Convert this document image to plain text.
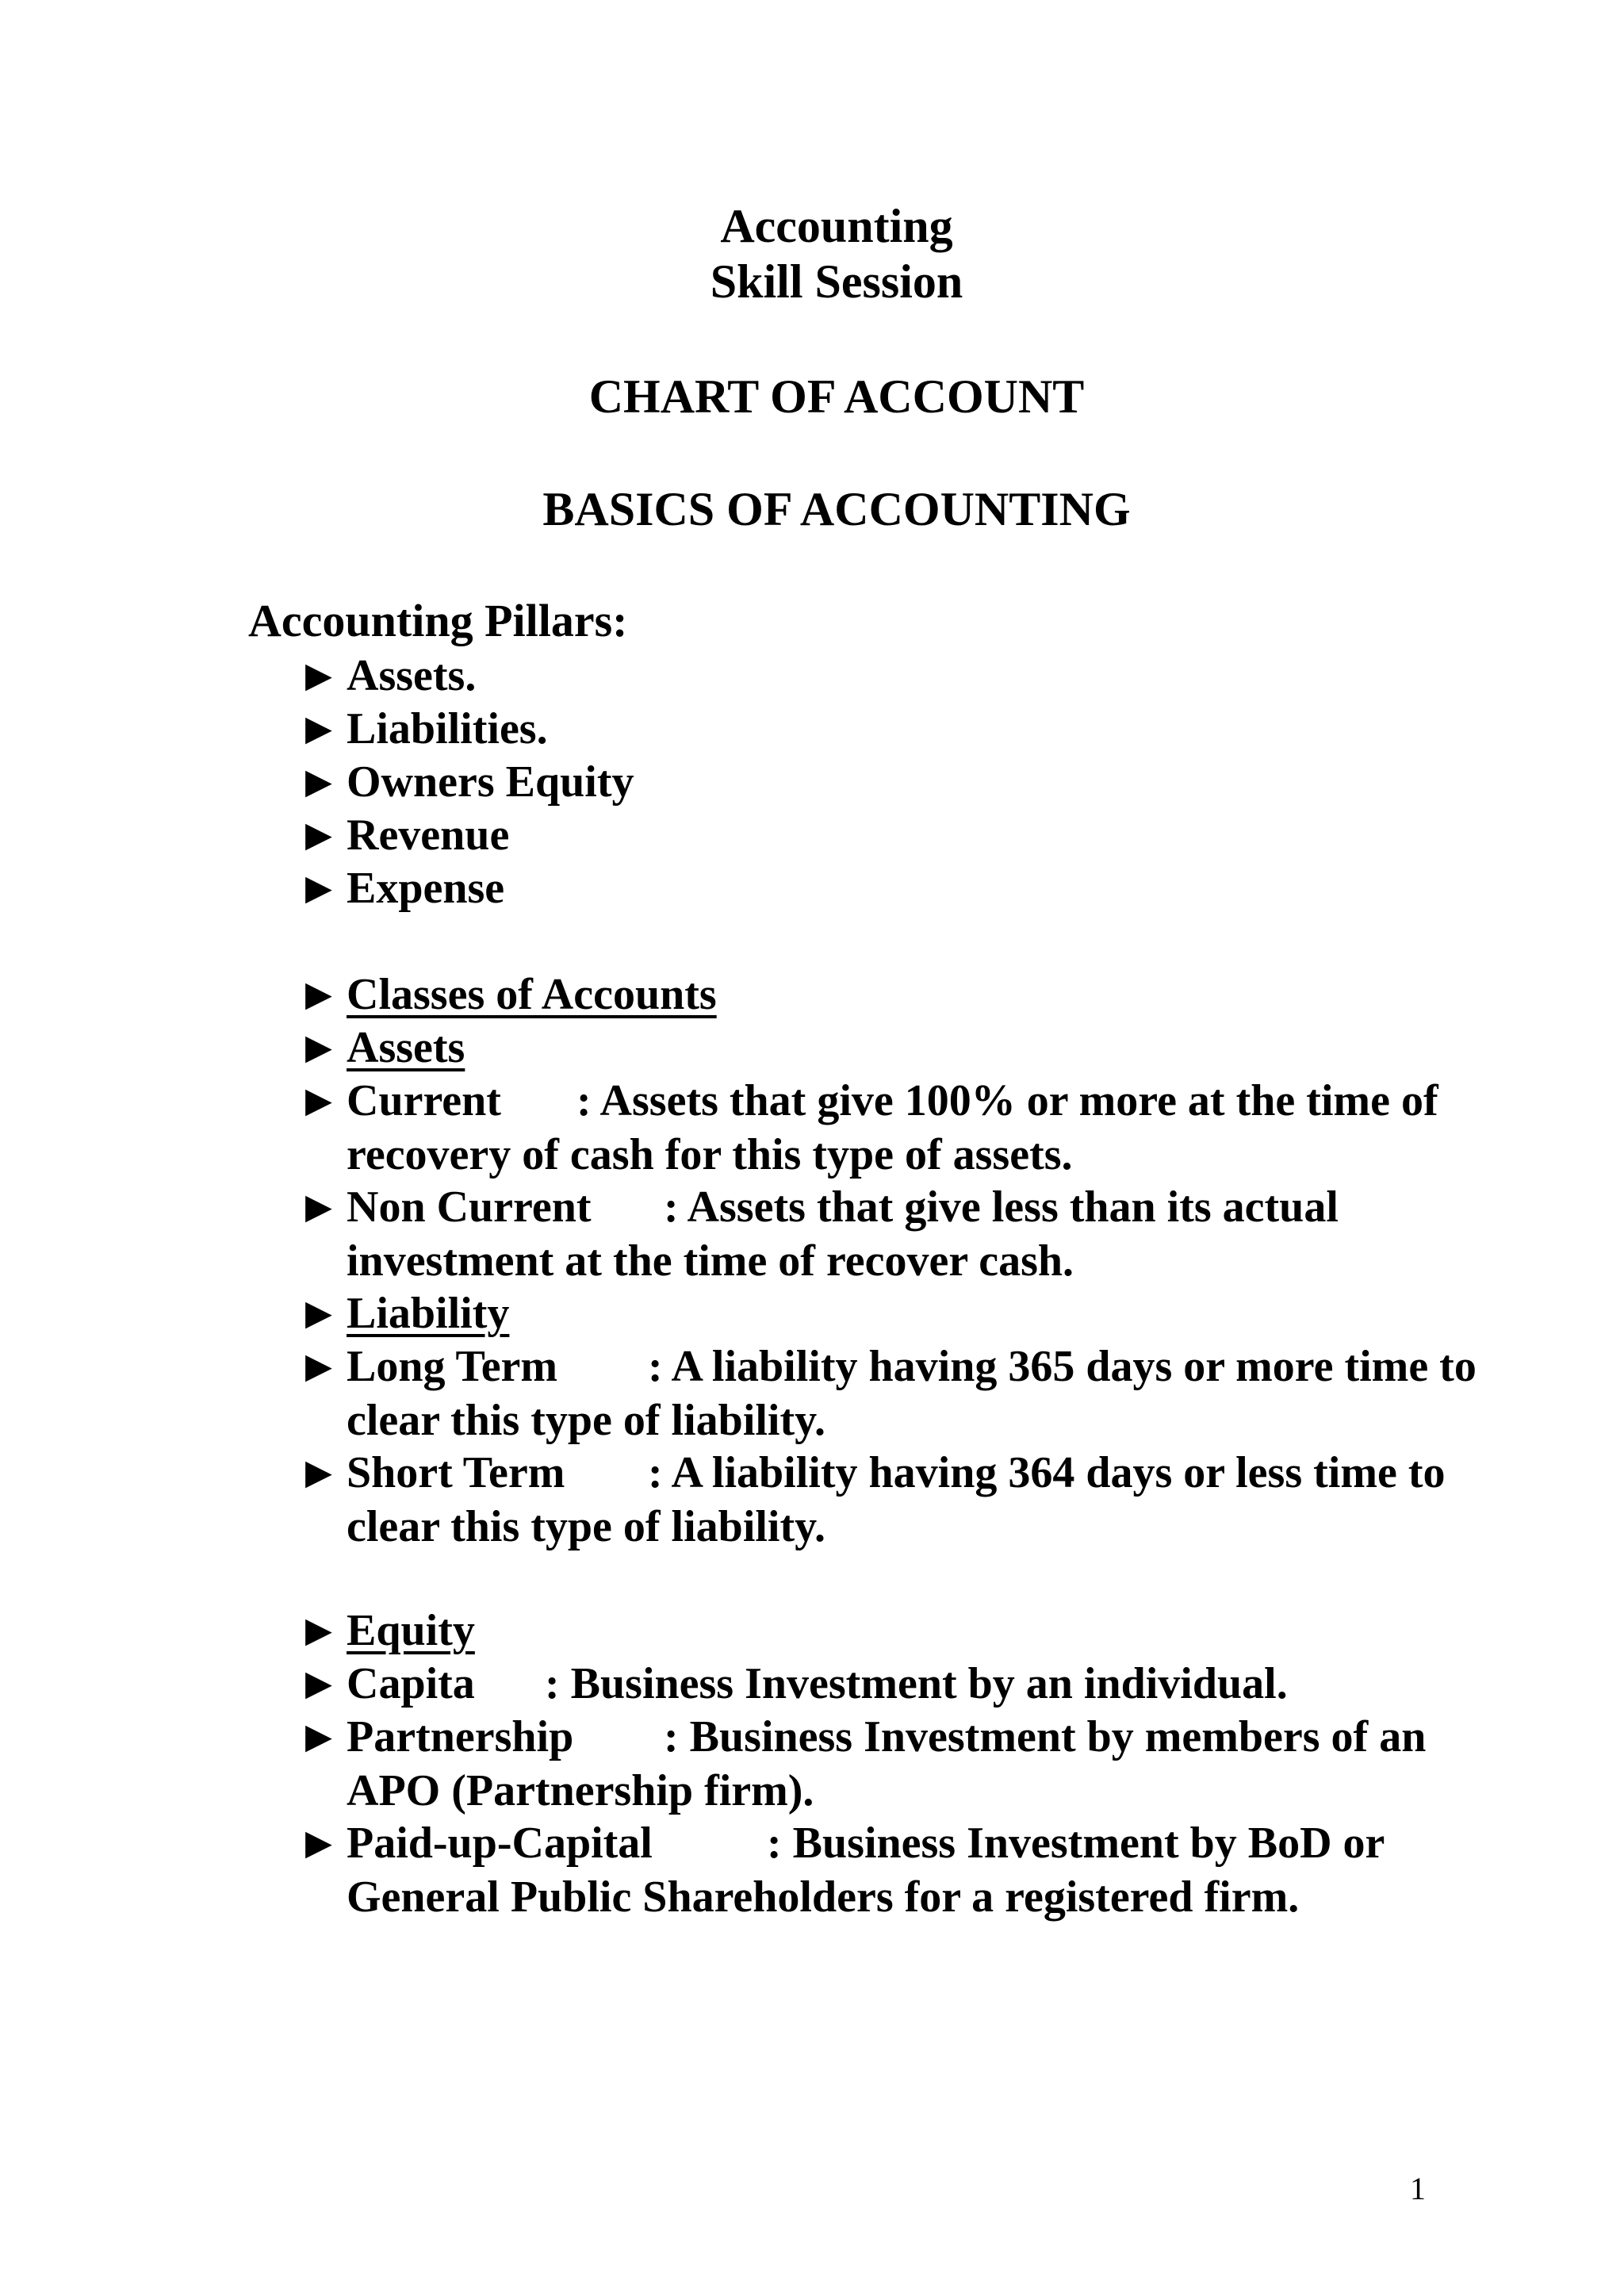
Accounting
Skill Session
CHART OF ACCOUNT
BASICS OF ACCOUNTING
Accounting Pillars:
▶ Assets.
▶ Liabilities.
▶ Owners Equity
▶ Revenue
▶ Expense
▶ Classes of Accounts
▶ Assets
▶ Current : Assets that give 100% or more at the time of recovery of cash for this type of assets.
▶ Non Current : Assets that give less than its actual investment at the time of recover cash.
▶ Liability
▶ Long Term : A liability having 365 days or more time to clear this type of liability.
▶ Short Term : A liability having 364 days or less time to clear this type of liability.
▶ Equity
▶ Capita : Business Investment by an individual.
▶ Partnership : Business Investment by members of an APO (Partnership firm).
▶ Paid-up-Capital	: Business Investment by BoD or General Public Shareholders for a registered firm.
1
